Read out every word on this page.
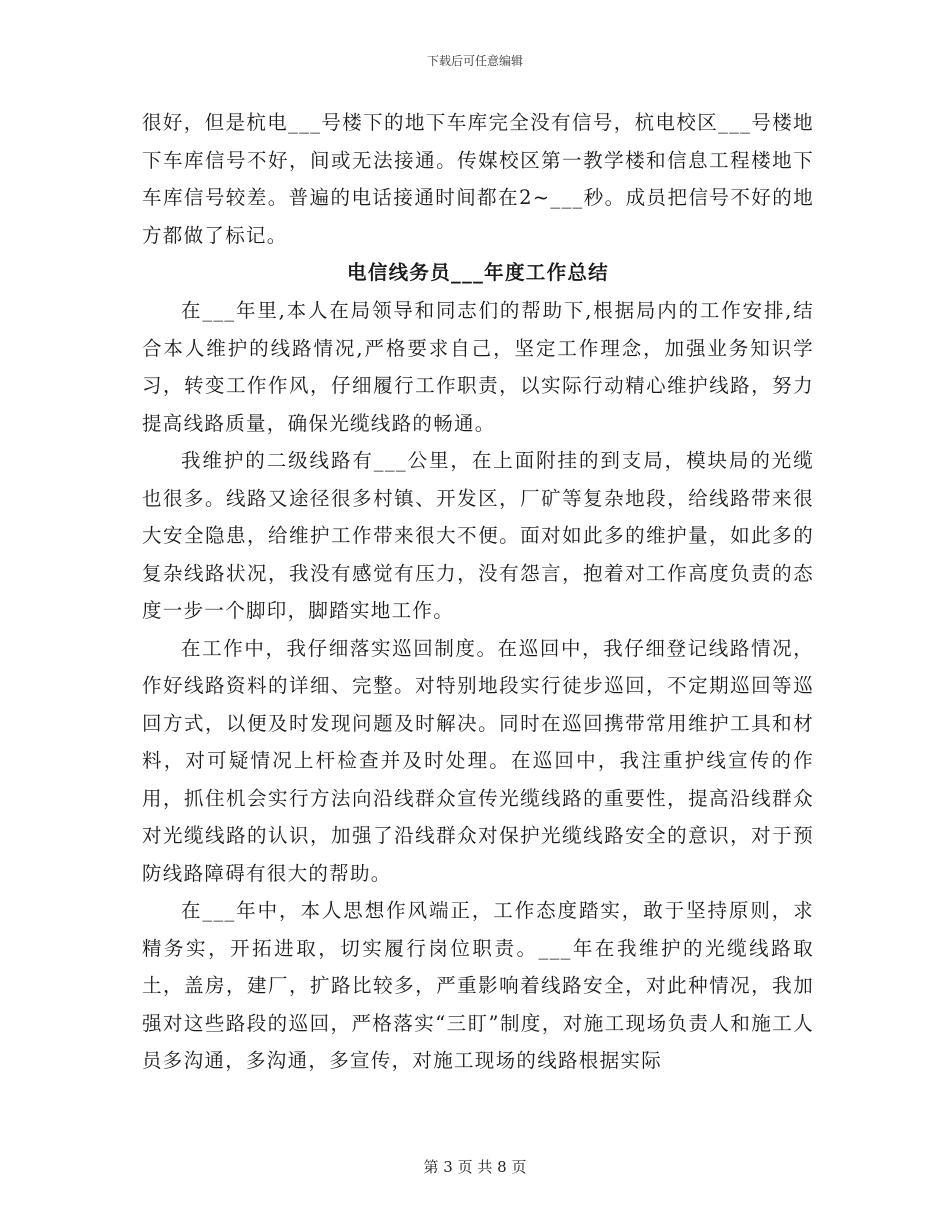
下载后可任意编辑

很好，但是杭电___号楼下的地下车库完全没有信号，杭电校区___号楼地下车库信号不好，间或无法接通。传媒校区第一教学楼和信息工程楼地下车库信号较差。普遍的电话接通时间都在2~___秒。成员把信号不好的地方都做了标记。

电信线务员___年度工作总结

在___年里,本人在局领导和同志们的帮助下,根据局内的工作安排,结合本人维护的线路情况,严格要求自己，坚定工作理念，加强业务知识学习，转变工作作风，仔细履行工作职责，以实际行动精心维护线路，努力提高线路质量，确保光缆线路的畅通。

我维护的二级线路有___公里，在上面附挂的到支局，模块局的光缆也很多。线路又途径很多村镇、开发区，厂矿等复杂地段，给线路带来很大安全隐患，给维护工作带来很大不便。面对如此多的维护量，如此多的复杂线路状况，我没有感觉有压力，没有怨言，抱着对工作高度负责的态度一步一个脚印，脚踏实地工作。

在工作中，我仔细落实巡回制度。在巡回中，我仔细登记线路情况，作好线路资料的详细、完整。对特别地段实行徒步巡回，不定期巡回等巡回方式，以便及时发现问题及时解决。同时在巡回携带常用维护工具和材料，对可疑情况上杆检查并及时处理。在巡回中，我注重护线宣传的作用，抓住机会实行方法向沿线群众宣传光缆线路的重要性，提高沿线群众对光缆线路的认识，加强了沿线群众对保护光缆线路安全的意识，对于预防线路障碍有很大的帮助。

在___年中，本人思想作风端正，工作态度踏实，敢于坚持原则，求精务实，开拓进取，切实履行岗位职责。___年在我维护的光缆线路取土，盖房，建厂，扩路比较多，严重影响着线路安全，对此种情况，我加强对这些路段的巡回，严格落实“三盯”制度，对施工现场负责人和施工人员多沟通，多沟通，多宣传，对施工现场的线路根据实际

第 3 页 共 8 页
